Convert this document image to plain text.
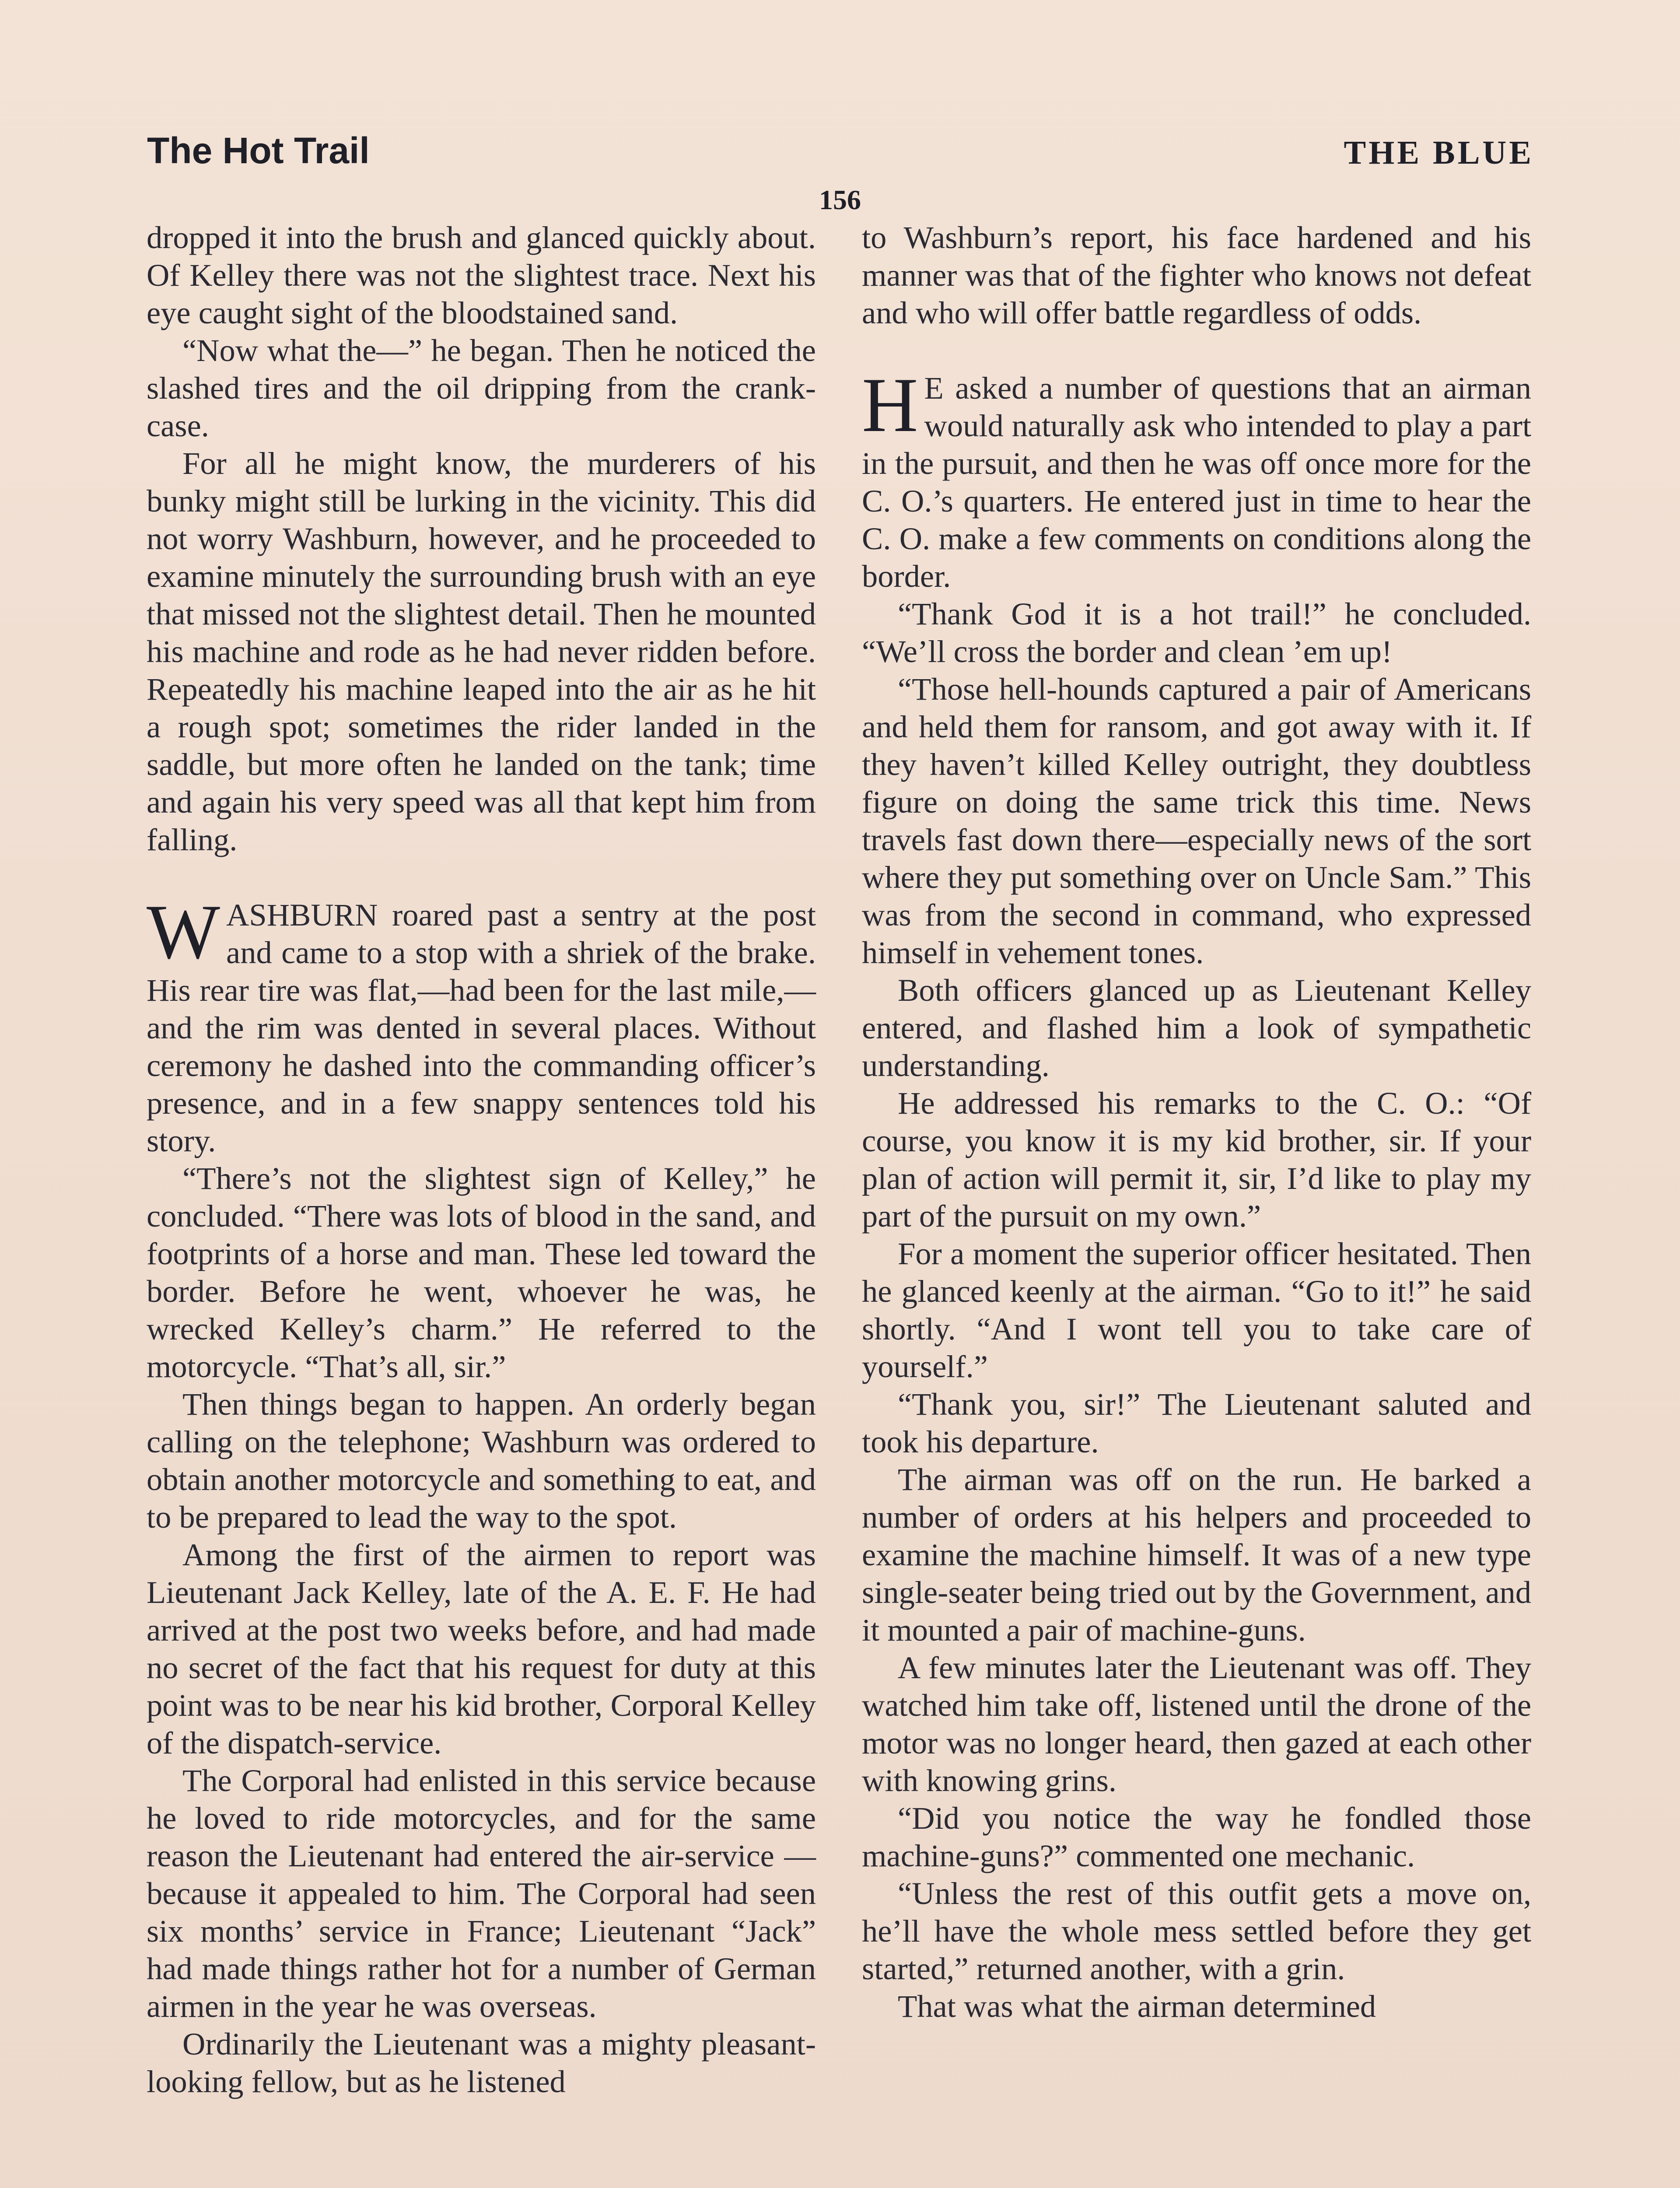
The Hot Trail	THE BLUE
156

dropped it into the brush and glanced quickly about. Of Kelley there was not the slightest trace. Next his eye caught sight of the bloodstained sand.

“Now what the—” he began. Then he noticed the slashed tires and the oil dripping from the crank-case.

For all he might know, the murderers of his bunky might still be lurking in the vicinity. This did not worry Washburn, however, and he proceeded to examine minutely the surrounding brush with an eye that missed not the slightest detail. Then he mounted his machine and rode as he had never ridden before. Repeatedly his machine leaped into the air as he hit a rough spot; sometimes the rider landed in the saddle, but more often he landed on the tank; time and again his very speed was all that kept him from falling.

WASHBURN roared past a sentry at the post and came to a stop with a shriek of the brake. His rear tire was flat,—had been for the last mile,—and the rim was dented in several places. Without ceremony he dashed into the commanding officer’s presence, and in a few snappy sentences told his story.

“There’s not the slightest sign of Kelley,” he concluded. “There was lots of blood in the sand, and footprints of a horse and man. These led toward the border. Before he went, whoever he was, he wrecked Kelley’s charm.” He referred to the motorcycle. “That’s all, sir.”

Then things began to happen. An orderly began calling on the telephone; Washburn was ordered to obtain another motorcycle and something to eat, and to be prepared to lead the way to the spot.

Among the first of the airmen to report was Lieutenant Jack Kelley, late of the A. E. F. He had arrived at the post two weeks before, and had made no secret of the fact that his request for duty at this point was to be near his kid brother, Corporal Kelley of the dispatch-service.

The Corporal had enlisted in this service because he loved to ride motorcycles, and for the same reason the Lieutenant had entered the air-service — because it appealed to him. The Corporal had seen six months’ service in France; Lieutenant “Jack” had made things rather hot for a number of German airmen in the year he was overseas.

Ordinarily the Lieutenant was a mighty pleasant-looking fellow, but as he listened

to Washburn’s report, his face hardened and his manner was that of the fighter who knows not defeat and who will offer battle regardless of odds.

H E asked a number of questions that an airman would naturally ask who intended to play a part in the pursuit, and then he was off once more for the C. O.’s quarters. He entered just in time to hear the C. O. make a few comments on conditions along the border.

“Thank God it is a hot trail!” he concluded. “We’ll cross the border and clean ’em up!

“Those hell-hounds captured a pair of Americans and held them for ransom, and got away with it. If they haven’t killed Kelley outright, they doubtless figure on doing the same trick this time. News travels fast down there—especially news of the sort where they put something over on Uncle Sam.” This was from the second in command, who expressed himself in vehement tones.

Both officers glanced up as Lieutenant Kelley entered, and flashed him a look of sympathetic understanding.

He addressed his remarks to the C. O.: “Of course, you know it is my kid brother, sir. If your plan of action will permit it, sir, I’d like to play my part of the pursuit on my own.”

For a moment the superior officer hesitated. Then he glanced keenly at the airman. “Go to it!” he said shortly. “And I wont tell you to take care of yourself.”

“Thank you, sir!” The Lieutenant saluted and took his departure.

The airman was off on the run. He barked a number of orders at his helpers and proceeded to examine the machine himself. It was of a new type single-seater being tried out by the Government, and it mounted a pair of machine-guns.

A few minutes later the Lieutenant was off. They watched him take off, listened until the drone of the motor was no longer heard, then gazed at each other with knowing grins.

“Did you notice the way he fondled those machine-guns?” commented one mechanic.

“Unless the rest of this outfit gets a move on, he’ll have the whole mess settled before they get started,” returned another, with a grin.

That was what the airman determined
